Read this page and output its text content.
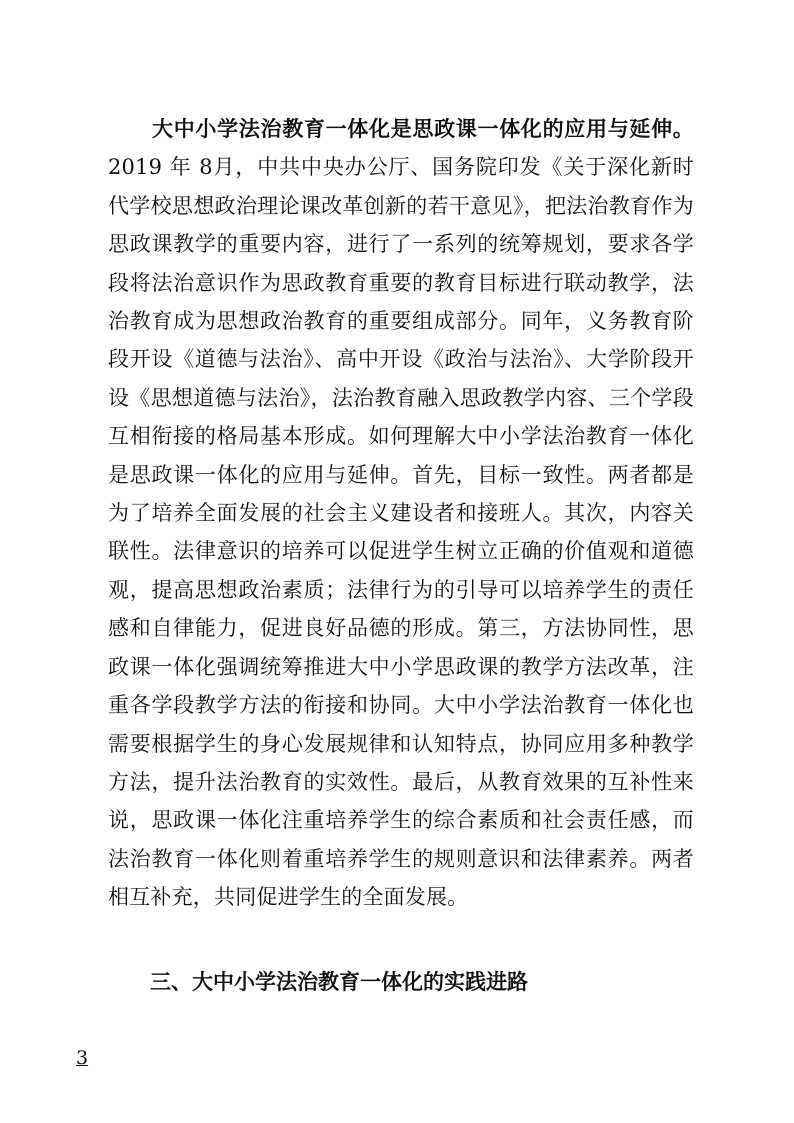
大中小学法治教育一体化是思政课一体化的应用与延伸。2019 年 8月，中共中央办公厅、国务院印发《关于深化新时代学校思想政治理论课改革创新的若干意见》，把法治教育作为思政课教学的重要内容，进行了一系列的统筹规划，要求各学段将法治意识作为思政教育重要的教育目标进行联动教学，法治教育成为思想政治教育的重要组成部分。同年，义务教育阶段开设《道德与法治》、高中开设《政治与法治》、大学阶段开设《思想道德与法治》，法治教育融入思政教学内容、三个学段互相衔接的格局基本形成。如何理解大中小学法治教育一体化是思政课一体化的应用与延伸。首先，目标一致性。两者都是为了培养全面发展的社会主义建设者和接班人。其次，内容关联性。法律意识的培养可以促进学生树立正确的价值观和道德观，提高思想政治素质；法律行为的引导可以培养学生的责任感和自律能力，促进良好品德的形成。第三，方法协同性，思政课一体化强调统筹推进大中小学思政课的教学方法改革，注重各学段教学方法的衔接和协同。大中小学法治教育一体化也需要根据学生的身心发展规律和认知特点，协同应用多种教学方法，提升法治教育的实效性。最后，从教育效果的互补性来说，思政课一体化注重培养学生的综合素质和社会责任感，而法治教育一体化则着重培养学生的规则意识和法律素养。两者相互补充，共同促进学生的全面发展。

三、大中小学法治教育一体化的实践进路
3
